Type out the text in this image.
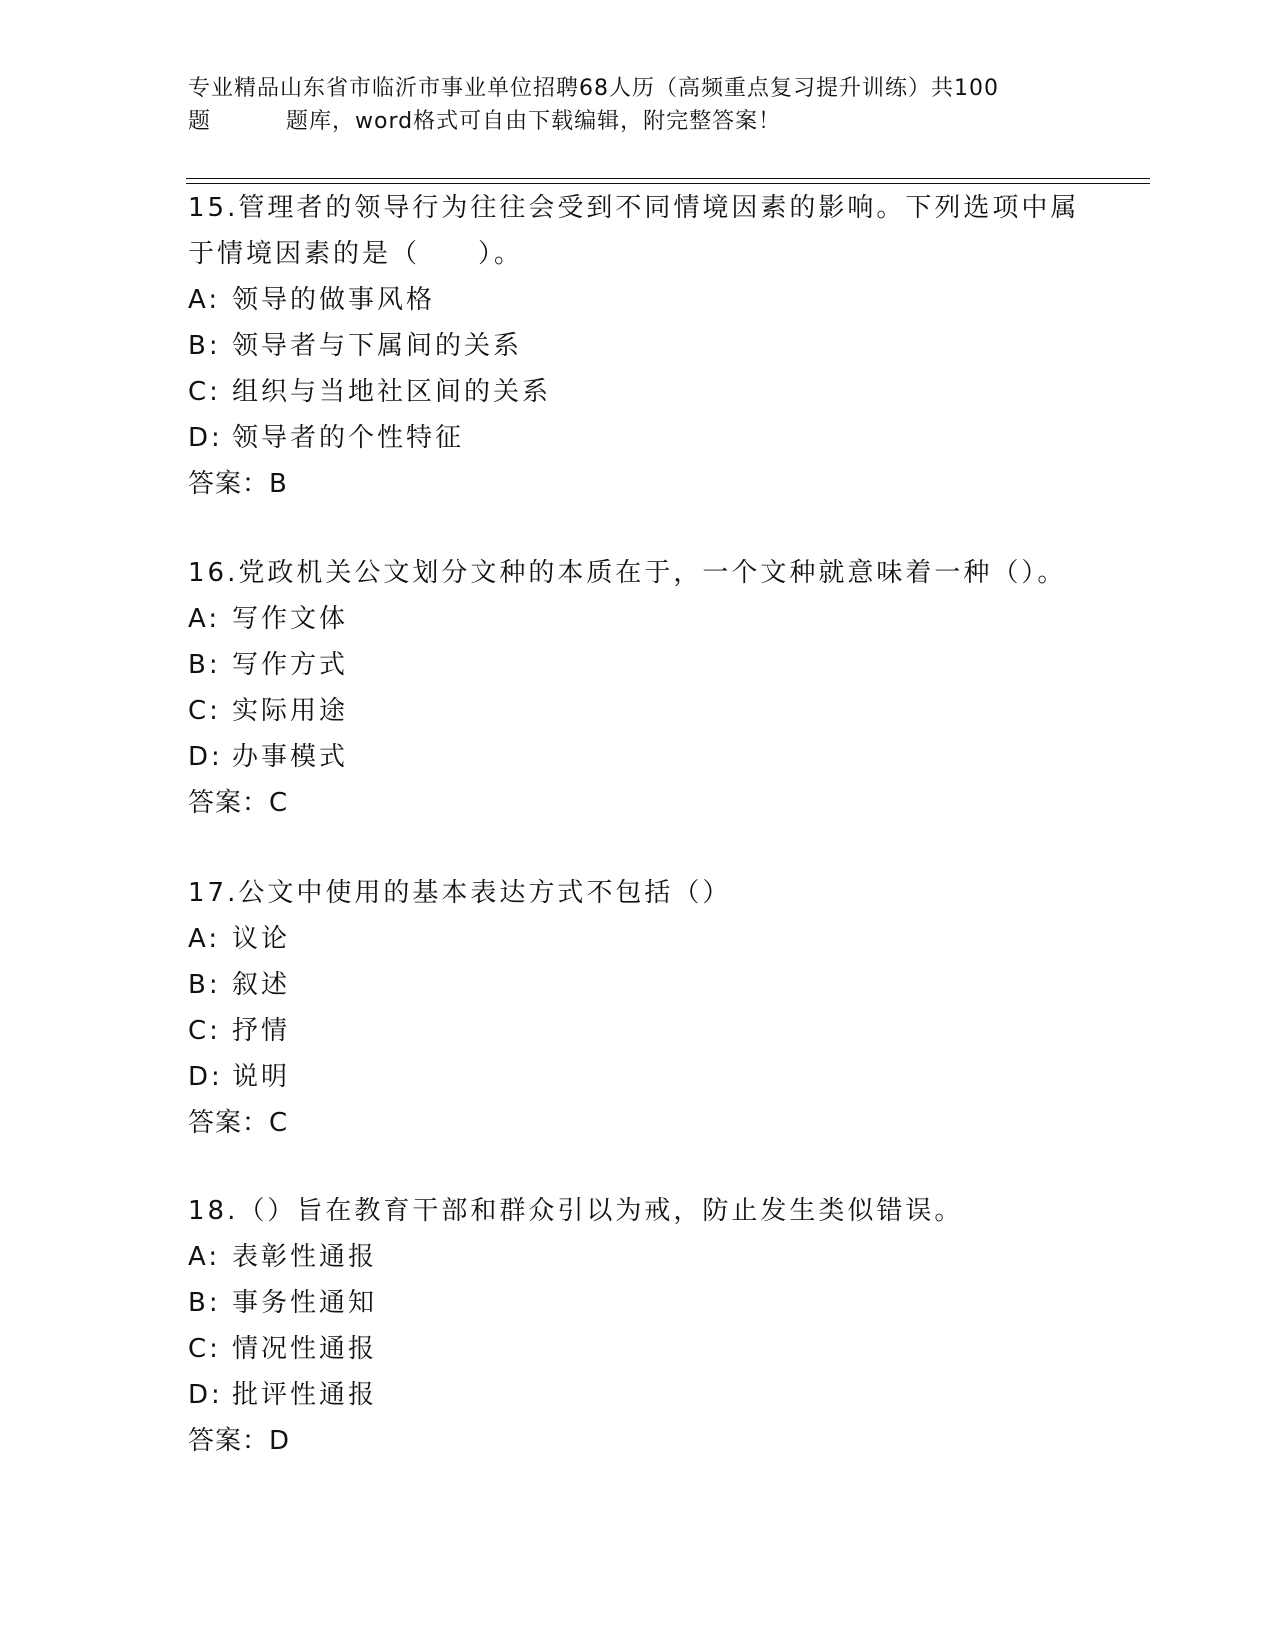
专业精品山东省市临沂市事业单位招聘68人历（高频重点复习提升训练）共100
题	题库，word格式可自由下载编辑，附完整答案！
15.管理者的领导行为往往会受到不同情境因素的影响。下列选项中属于情境因素的是（　　）。
A: 领导的做事风格
B: 领导者与下属间的关系
C: 组织与当地社区间的关系
D: 领导者的个性特征
答案：B
16.党政机关公文划分文种的本质在于，一个文种就意味着一种（）。
A: 写作文体
B: 写作方式
C: 实际用途
D: 办事模式
答案：C
17.公文中使用的基本表达方式不包括（）
A: 议论
B: 叙述
C: 抒情
D: 说明
答案：C
18.（）旨在教育干部和群众引以为戒，防止发生类似错误。
A: 表彰性通报
B: 事务性通知
C: 情况性通报
D: 批评性通报
答案：D
